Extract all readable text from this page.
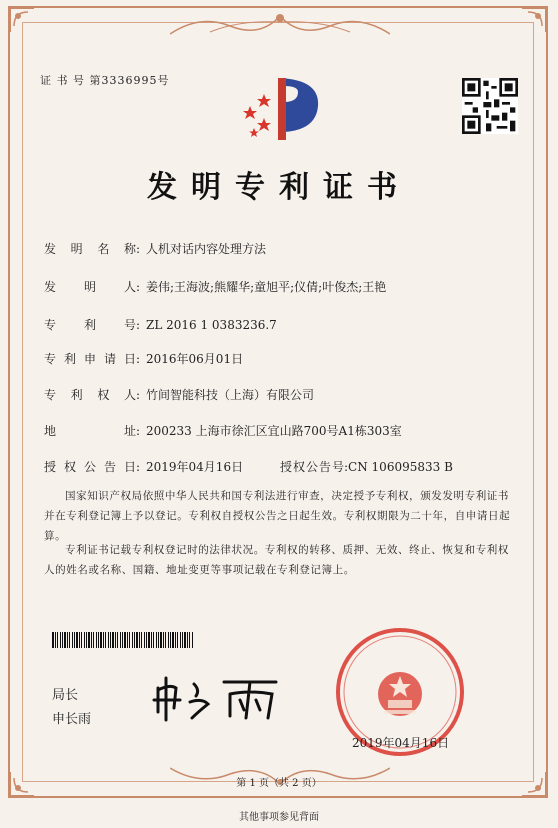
证 书 号 第3336995号
发明专利证书
发 明 名 称: 人机对话内容处理方法
发 明 人: 姜伟;王海波;熊耀华;童旭平;仪倩;叶俊杰;王艳
专 利 号: ZL 2016 1 0383236.7
专利申请日: 2016年06月01日
专 利 权 人: 竹间智能科技（上海）有限公司
地 址: 200233 上海市徐汇区宜山路700号A1栋303室
授权公告日: 2019年04月16日	授权公告号:CN 106095833 B
国家知识产权局依照中华人民共和国专利法进行审查，决定授予专利权，颁发发明专利证书并在专利登记簿上予以登记。专利权自授权公告之日起生效。专利权期限为二十年，自申请日起算。
专利证书记载专利权登记时的法律状况。专利权的转移、质押、无效、终止、恢复和专利权人的姓名或名称、国籍、地址变更等事项记载在专利登记簿上。
局长
申长雨
2019年04月16日
第 1 页（共 2 页）
其他事项参见背面
